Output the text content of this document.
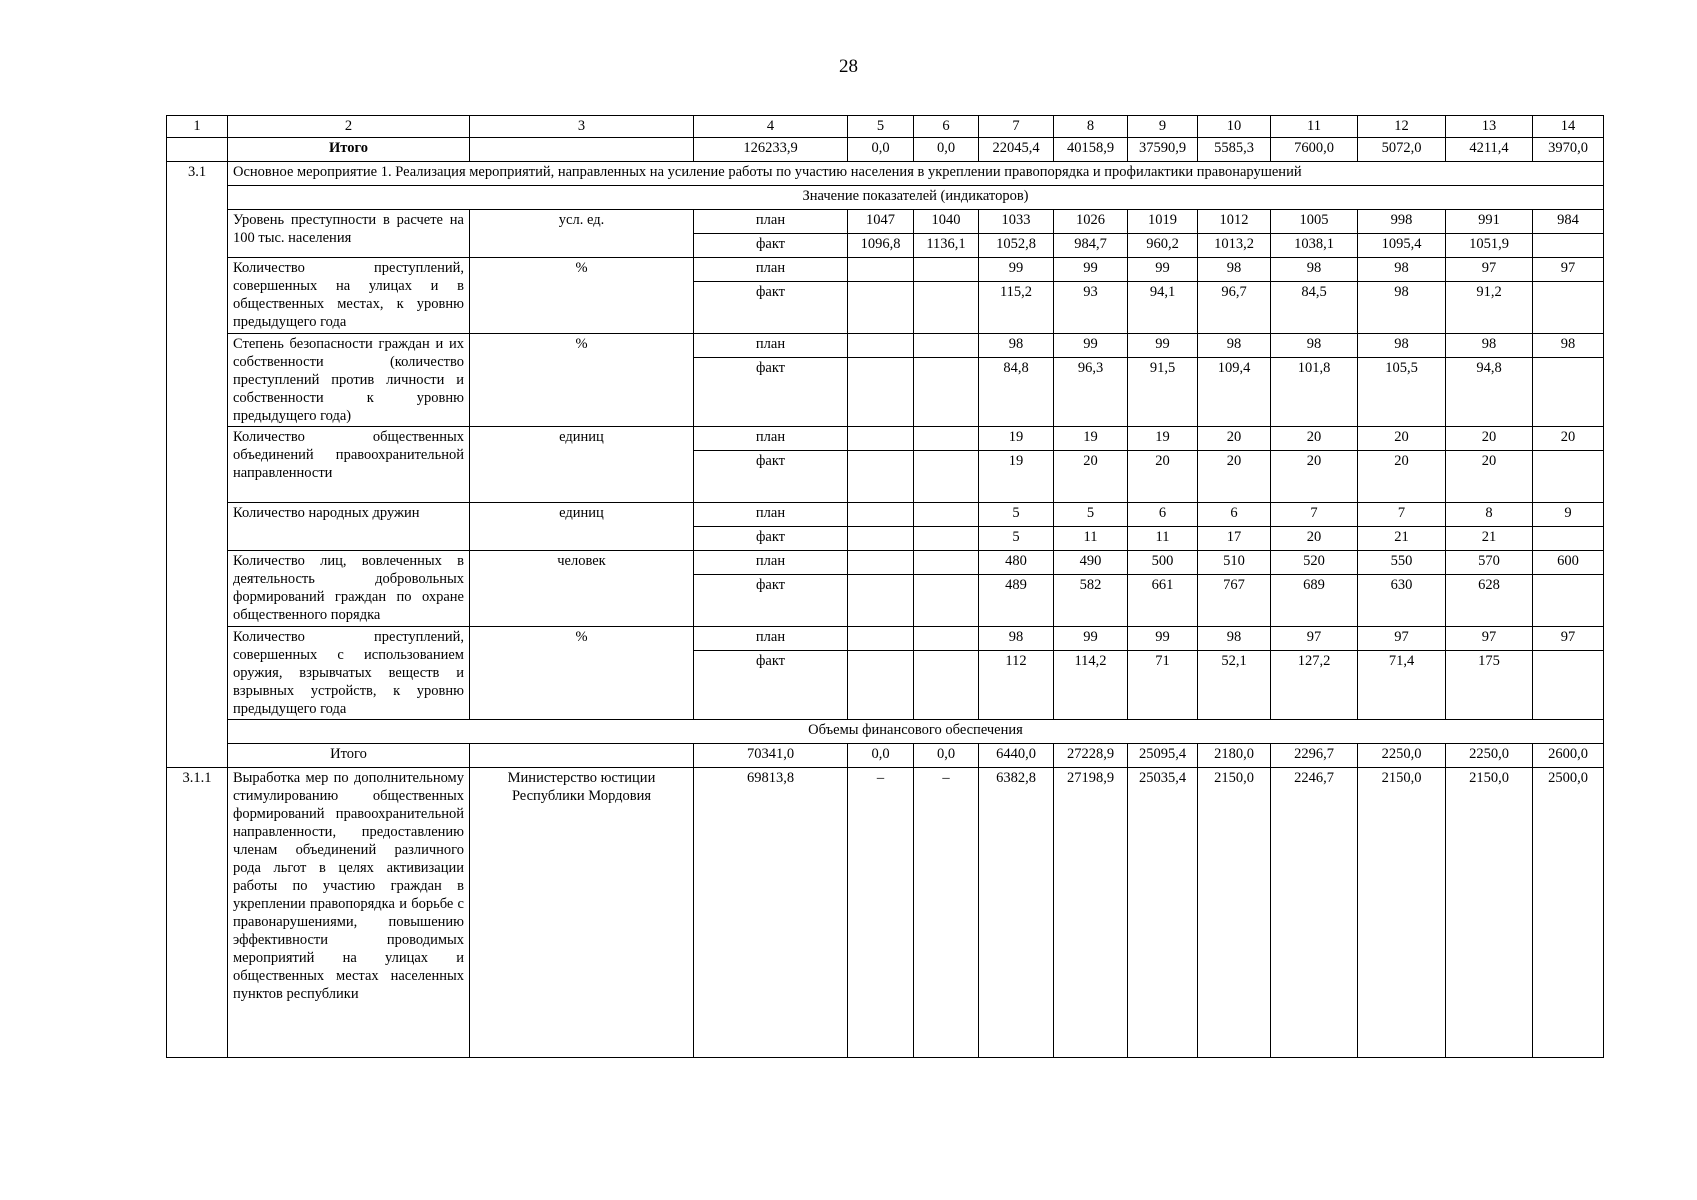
28
1	2	3	4	5	6	7	8	9	10	11	12	13	14
	Итого		126233,9	0,0	0,0	22045,4	40158,9	37590,9	5585,3	7600,0	5072,0	4211,4	3970,0
3.1	Основное мероприятие 1. Реализация мероприятий, направленных на усиление работы по участию населения в укреплении правопорядка и профилактики правонарушений												
	Значение показателей (индикаторов)												
	Уровень преступности в расчете на 100 тыс. населения	усл. ед.	план	1047	1040	1033	1026	1019	1012	1005	998	991	984
			факт	1096,8	1136,1	1052,8	984,7	960,2	1013,2	1038,1	1095,4	1051,9	
	Количество преступлений, совершенных на улицах и в общественных местах, к уровню предыдущего года	%	план			99	99	99	98	98	98	97	97
			факт			115,2	93	94,1	96,7	84,5	98	91,2	
	Степень безопасности граждан и их собственности (количество преступлений против личности и собственности к уровню предыдущего года)	%	план			98	99	99	98	98	98	98	98
			факт			84,8	96,3	91,5	109,4	101,8	105,5	94,8	
	Количество общественных объединений правоохранительной направленности	единиц	план			19	19	19	20	20	20	20	20
			факт			19	20	20	20	20	20	20	
	Количество народных дружин	единиц	план			5	5	6	6	7	7	8	9
			факт			5	11	11	17	20	21	21	
	Количество лиц, вовлеченных в деятельность добровольных формирований граждан по охране общественного порядка	человек	план			480	490	500	510	520	550	570	600
			факт			489	582	661	767	689	630	628	
	Количество преступлений, совершенных с использованием оружия, взрывчатых веществ и взрывных устройств, к уровню предыдущего года	%	план			98	99	99	98	97	97	97	97
			факт			112	114,2	71	52,1	127,2	71,4	175	
	Объемы финансового обеспечения												
	Итого		70341,0	0,0	0,0	6440,0	27228,9	25095,4	2180,0	2296,7	2250,0	2250,0	2600,0
3.1.1	Выработка мер по дополнительному стимулированию общественных формирований правоохранительной направленности, предоставлению членам объединений различного рода льгот в целях активизации работы по участию граждан в укреплении правопорядка и борьбе с правонарушениями, повышению эффективности проводимых мероприятий на улицах и общественных местах населенных пунктов республики	Министерство юстиции Республики Мордовия	69813,8	–	–	6382,8	27198,9	25035,4	2150,0	2246,7	2150,0	2150,0	2500,0
